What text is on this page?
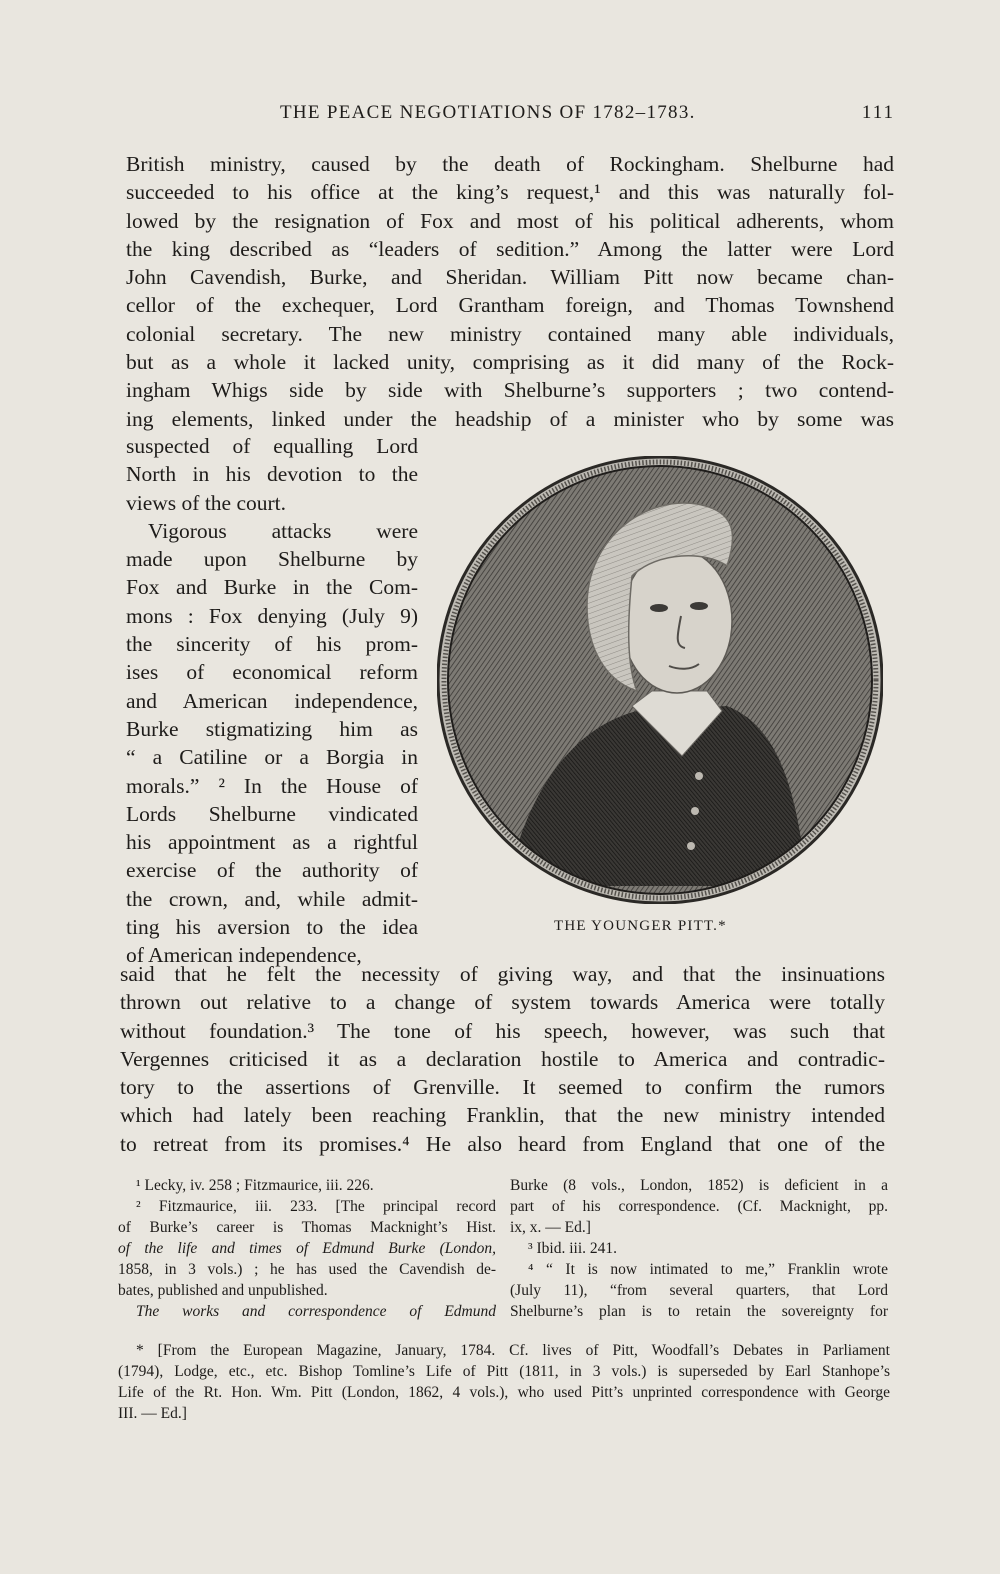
THE PEACE NEGOTIATIONS OF 1782–1783.	111
British ministry, caused by the death of Rockingham. Shelburne had
succeeded to his office at the king’s request,¹ and this was naturally fol-
lowed by the resignation of Fox and most of his political adherents, whom
the king described as “leaders of sedition.” Among the latter were Lord
John Cavendish, Burke, and Sheridan. William Pitt now became chan-
cellor of the exchequer, Lord Grantham foreign, and Thomas Townshend
colonial secretary. The new ministry contained many able individuals,
but as a whole it lacked unity, comprising as it did many of the Rock-
ingham Whigs side by side with Shelburne’s supporters ; two contend-
ing elements, linked under the headship of a minister who by some was
suspected of equalling Lord
North in his devotion to the
views of the court.
Vigorous attacks were
made upon Shelburne by
Fox and Burke in the Com-
mons : Fox denying (July 9)
the sincerity of his prom-
ises of economical reform
and American independence,
Burke stigmatizing him as
“ a Catiline or a Borgia in
morals.” ² In the House of
Lords Shelburne vindicated
his appointment as a rightful
exercise of the authority of
the crown, and, while admit-
ting his aversion to the idea
of American independence,
THE YOUNGER PITT.*
said that he felt the necessity of giving way, and that the insinuations
thrown out relative to a change of system towards America were totally
without foundation.³ The tone of his speech, however, was such that
Vergennes criticised it as a declaration hostile to America and contradic-
tory to the assertions of Grenville. It seemed to confirm the rumors
which had lately been reaching Franklin, that the new ministry intended
to retreat from its promises.⁴ He also heard from England that one of the
¹ Lecky, iv. 258 ; Fitzmaurice, iii. 226.
² Fitzmaurice, iii. 233. [The principal record
of Burke’s career is Thomas Macknight’s Hist.
of the life and times of Edmund Burke (London,
1858, in 3 vols.) ; he has used the Cavendish de-
bates, published and unpublished.
The works and correspondence of Edmund
Burke (8 vols., London, 1852) is deficient in a
part of his correspondence. (Cf. Macknight, pp.
ix, x. — Ed.]
³ Ibid. iii. 241.
⁴ “ It is now intimated to me,” Franklin wrote
(July 11), “from several quarters, that Lord
Shelburne’s plan is to retain the sovereignty for
* [From the European Magazine, January, 1784. Cf. lives of Pitt, Woodfall’s Debates in Parliament
(1794), Lodge, etc., etc. Bishop Tomline’s Life of Pitt (1811, in 3 vols.) is superseded by Earl Stanhope’s
Life of the Rt. Hon. Wm. Pitt (London, 1862, 4 vols.), who used Pitt’s unprinted correspondence with George
III. — Ed.]
